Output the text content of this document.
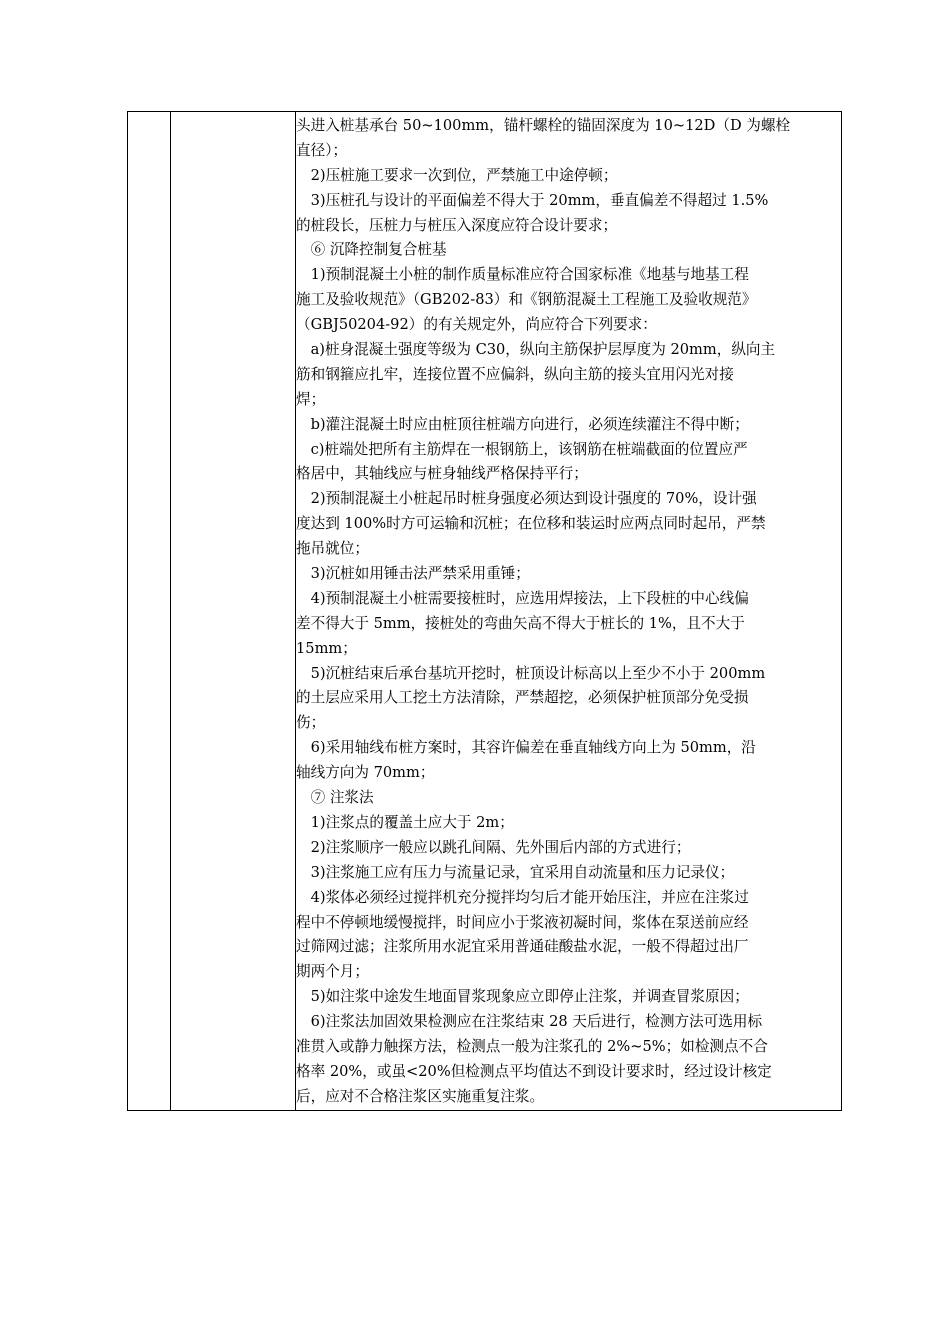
头进入桩基承台 50~100mm，锚杆螺栓的锚固深度为 10~12D（D 为螺栓
直径）；
　2)压桩施工要求一次到位，严禁施工中途停顿；
　3)压桩孔与设计的平面偏差不得大于 20mm，垂直偏差不得超过 1.5%
的桩段长，压桩力与桩压入深度应符合设计要求；
　⑥ 沉降控制复合桩基
　1)预制混凝土小桩的制作质量标准应符合国家标准《地基与地基工程
施工及验收规范》（GB202-83）和《钢筋混凝土工程施工及验收规范》
（GBJ50204-92）的有关规定外，尚应符合下列要求：
　a)桩身混凝土强度等级为 C30，纵向主筋保护层厚度为 20mm，纵向主
筋和钢箍应扎牢，连接位置不应偏斜，纵向主筋的接头宜用闪光对接
焊；
　b)灌注混凝土时应由桩顶往桩端方向进行，必须连续灌注不得中断；
　c)桩端处把所有主筋焊在一根钢筋上，该钢筋在桩端截面的位置应严
格居中，其轴线应与桩身轴线严格保持平行；
　2)预制混凝土小桩起吊时桩身强度必须达到设计强度的 70%，设计强
度达到 100%时方可运输和沉桩；在位移和装运时应两点同时起吊，严禁
拖吊就位；
　3)沉桩如用锤击法严禁采用重锤；
　4)预制混凝土小桩需要接桩时，应选用焊接法，上下段桩的中心线偏
差不得大于 5mm，接桩处的弯曲矢高不得大于桩长的 1%，且不大于
15mm；
　5)沉桩结束后承台基坑开挖时，桩顶设计标高以上至少不小于 200mm
的土层应采用人工挖土方法清除，严禁超挖，必须保护桩顶部分免受损
伤；
　6)采用轴线布桩方案时，其容许偏差在垂直轴线方向上为 50mm，沿
轴线方向为 70mm；
　⑦ 注浆法
　1)注浆点的覆盖土应大于 2m；
　2)注浆顺序一般应以跳孔间隔、先外围后内部的方式进行；
　3)注浆施工应有压力与流量记录，宜采用自动流量和压力记录仪；
　4)浆体必须经过搅拌机充分搅拌均匀后才能开始压注，并应在注浆过
程中不停顿地缓慢搅拌，时间应小于浆液初凝时间，浆体在泵送前应经
过筛网过滤；注浆所用水泥宜采用普通硅酸盐水泥，一般不得超过出厂
期两个月；
　5)如注浆中途发生地面冒浆现象应立即停止注浆，并调查冒浆原因；
　6)注浆法加固效果检测应在注浆结束 28 天后进行，检测方法可选用标
准贯入或静力触探方法，检测点一般为注浆孔的 2%~5%；如检测点不合
格率 20%，或虽<20%但检测点平均值达不到设计要求时，经过设计核定
后，应对不合格注浆区实施重复注浆。
